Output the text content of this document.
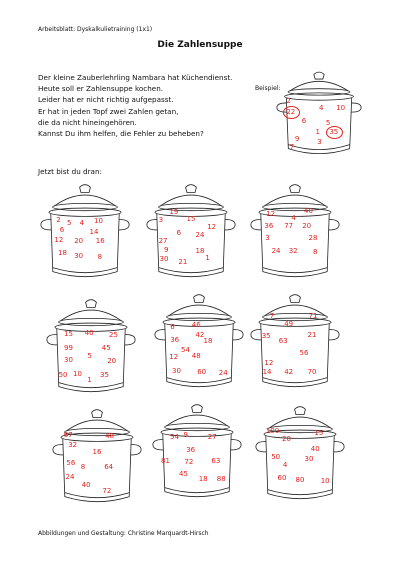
Arbeitsblatt: Dyskalkulietraining (1x1)
Die Zahlensuppe
Der kleine Zauberlehrling Nambara hat Küchendienst.
Heute soll er Zahlensuppe kochen.
Leider hat er nicht richtig aufgepasst.
Er hat in jeden Topf zwei Zahlen getan,
die da nicht hineingehören.
Kannst Du ihm helfen, die Fehler zu beheben?
Beispiel:
2
22
4 10
6	5
1 35
9	3
7
Jetzt bist du dran:
2 5 4 10
6	14
12 20 16
18 30 8
19
3	15
12
6 24
27
9	18
30 21
1
12	40
4
36 77 20
3	28
24 32 8
15 40 25
99	45
5
30	20
50 10	35
1
6 46
42
36	18
54
12 48
30 60 24
7	71
49
35	21
63
56
12
14 42 70
67	48
32
16
56
8	64
24
40
72
54 9	27
36
81	63
72
45
18 88
100	15
20
40
50	30
4
60 80 10
Abbildungen und Gestaltung: Christine Marquardt-Hirsch
